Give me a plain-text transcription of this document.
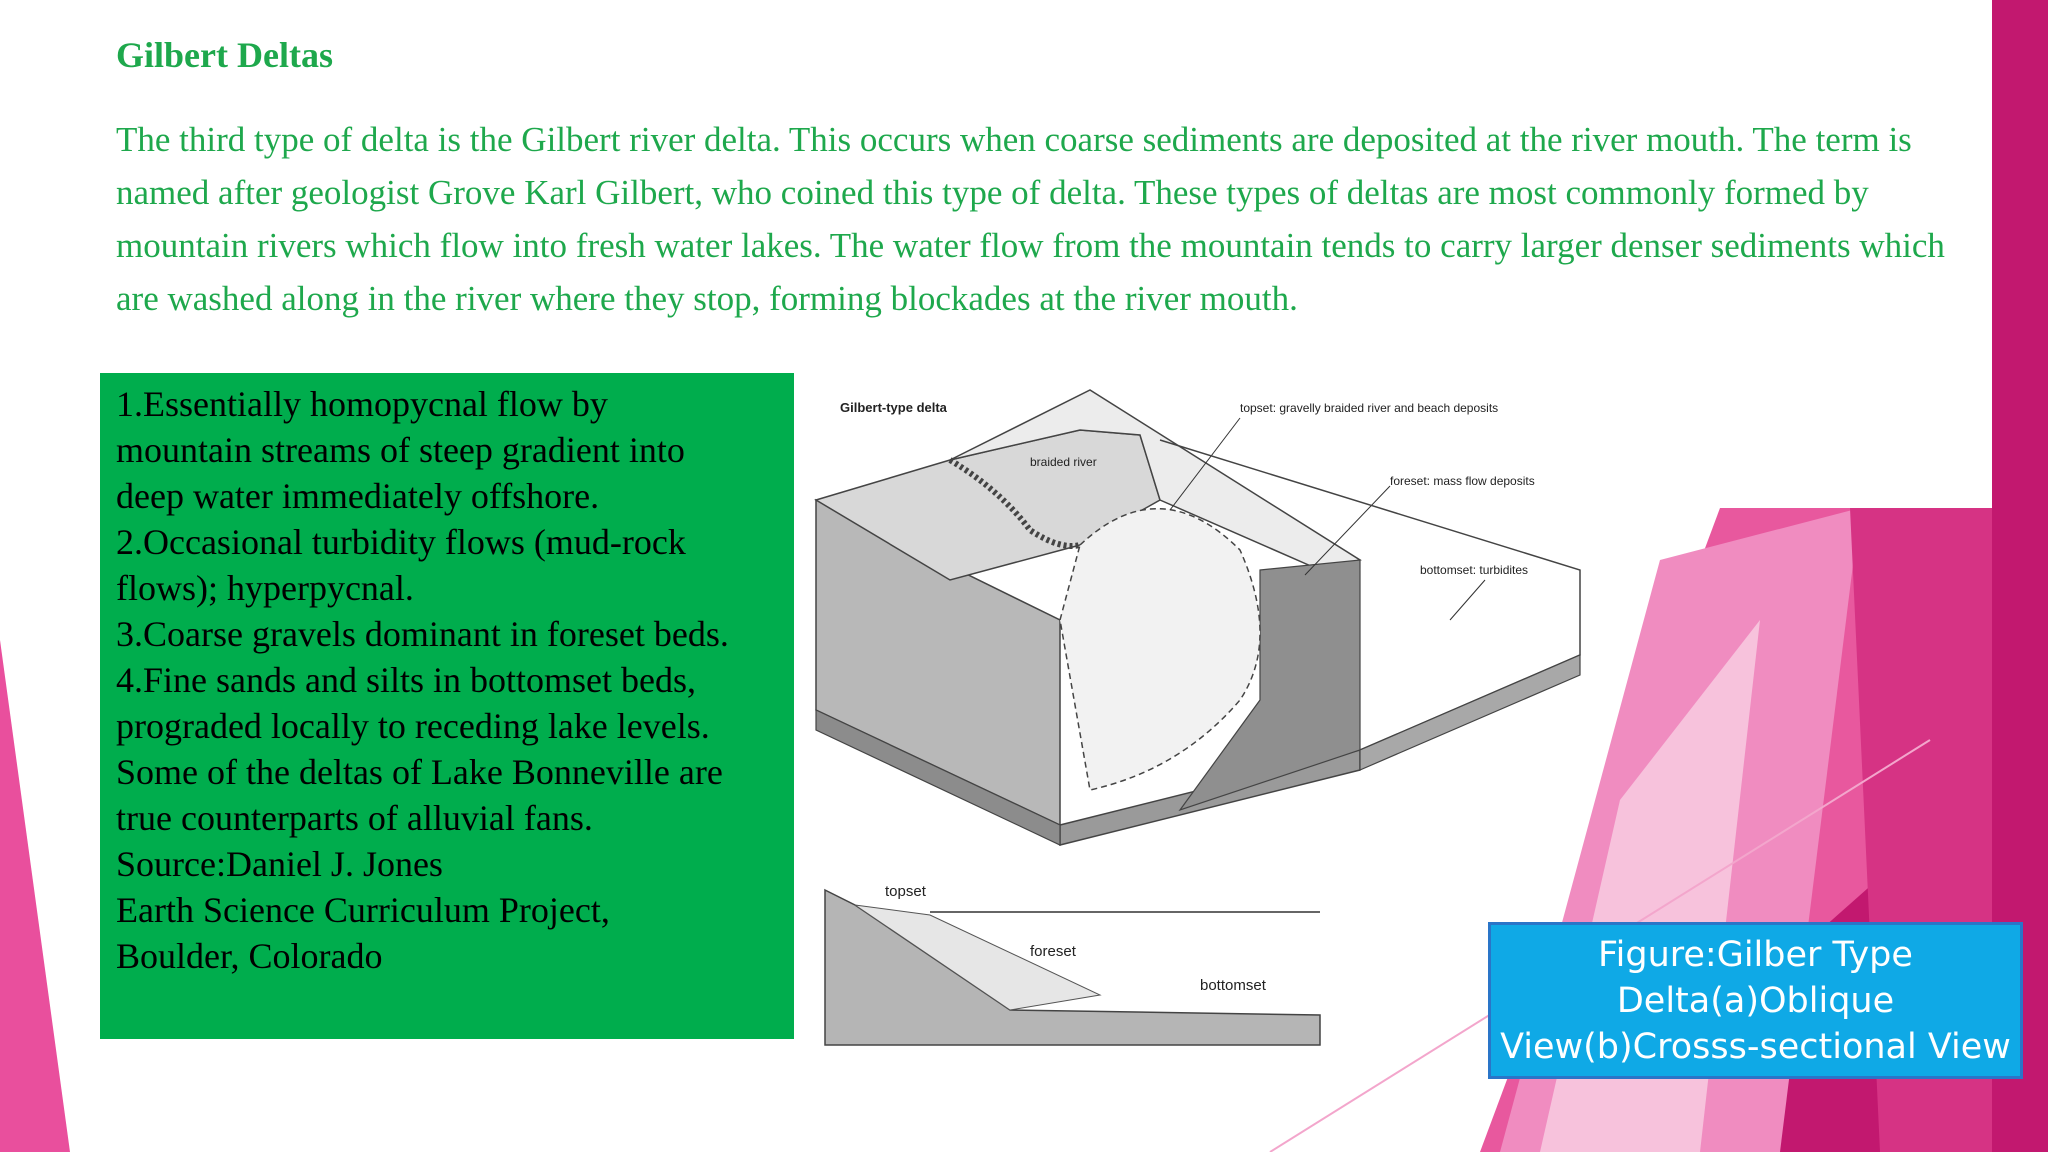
Gilbert Deltas

The third type of delta is the Gilbert river delta. This occurs when coarse sediments are deposited at the river mouth. The term is named after geologist Grove Karl Gilbert, who coined this type of delta. These types of deltas are most commonly formed by mountain rivers which flow into fresh water lakes. The water flow from the mountain tends to carry larger denser sediments which are washed along in the river where they stop, forming blockades at the river mouth.

1.Essentially homopycnal flow by
mountain streams of steep gradient into
deep water immediately offshore.
2.Occasional turbidity flows (mud-rock
flows); hyperpycnal.
3.Coarse gravels dominant in foreset beds.
4.Fine sands and silts in bottomset beds,
prograded locally to receding lake levels.
Some of the deltas of Lake Bonneville are
true counterparts of alluvial fans.
Source:Daniel J. Jones
Earth Science Curriculum Project,
Boulder, Colorado
Gilbert-type delta
braided river
topset: gravelly braided river and beach deposits
foreset: mass flow deposits
bottomset: turbidites
topset
foreset
bottomset
Figure:Gilber Type
Delta(a)Oblique
View(b)Crosss-sectional View
